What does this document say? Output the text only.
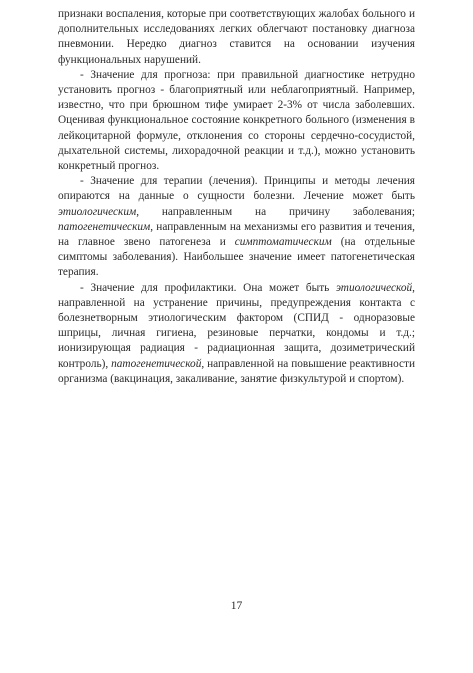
признаки воспаления, которые при соответствующих жалобах больного и дополнительных исследованиях легких облегчают постановку диагноза пневмонии. Нередко диагноз ставится на основании изучения функциональных нарушений.

- Значение для прогноза: при правильной диагностике нетрудно установить прогноз - благоприятный или неблагоприятный. Например, известно, что при брюшном тифе умирает 2-3% от числа заболевших. Оценивая функциональное состояние конкретного больного (изменения в лейкоцитарной формуле, отклонения со стороны сердечно-сосудистой, дыхательной системы, лихорадочной реакции и т.д.), можно установить конкретный прогноз.

- Значение для терапии (лечения). Принципы и методы лечения опираются на данные о сущности болезни. Лечение может быть этиологическим, направленным на причину заболевания; патогенетическим, направленным на механизмы его развития и течения, на главное звено патогенеза и симптоматическим (на отдельные симптомы заболевания). Наибольшее значение имеет патогенетическая терапия.

- Значение для профилактики. Она может быть этиологической, направленной на устранение причины, предупреждения контакта с болезнетворным этиологическим фактором (СПИД - одноразовые шприцы, личная гигиена, резиновые перчатки, кондомы и т.д.; ионизирующая радиация - радиационная защита, дозиметрический контроль), патогенетической, направленной на повышение реактивности организма (вакцинация, закаливание, занятие физкультурой и спортом).

17
